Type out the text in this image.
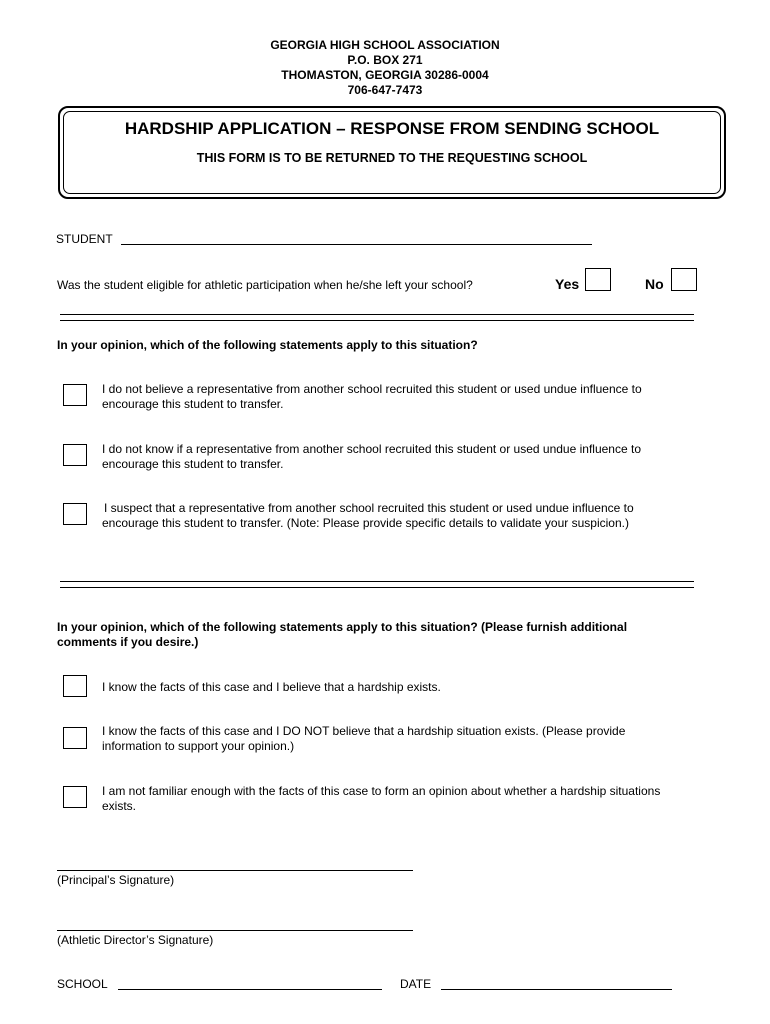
GEORGIA HIGH SCHOOL ASSOCIATION
P.O. BOX 271
THOMASTON, GEORGIA 30286-0004
706-647-7473
HARDSHIP APPLICATION – RESPONSE FROM SENDING SCHOOL
THIS FORM IS TO BE RETURNED TO THE REQUESTING SCHOOL
STUDENT
Was the student eligible for athletic participation when he/she left your school?	Yes	No
In your opinion, which of the following statements apply to this situation?
I do not believe a representative from another school recruited this student or used undue influence to
encourage this student to transfer.
I do not know if a representative from another school recruited this student or used undue influence to
encourage this student to transfer.
I suspect that a representative from another school recruited this student or used undue influence to
encourage this student to transfer. (Note: Please provide specific details to validate your suspicion.)
In your opinion, which of the following statements apply to this situation? (Please furnish additional
comments if you desire.)
I know the facts of this case and I believe that a hardship exists.
I know the facts of this case and I DO NOT believe that a hardship situation exists. (Please provide
information to support your opinion.)
I am not familiar enough with the facts of this case to form an opinion about whether a hardship situations
exists.
(Principal’s Signature)
(Athletic Director’s Signature)
SCHOOL	DATE
